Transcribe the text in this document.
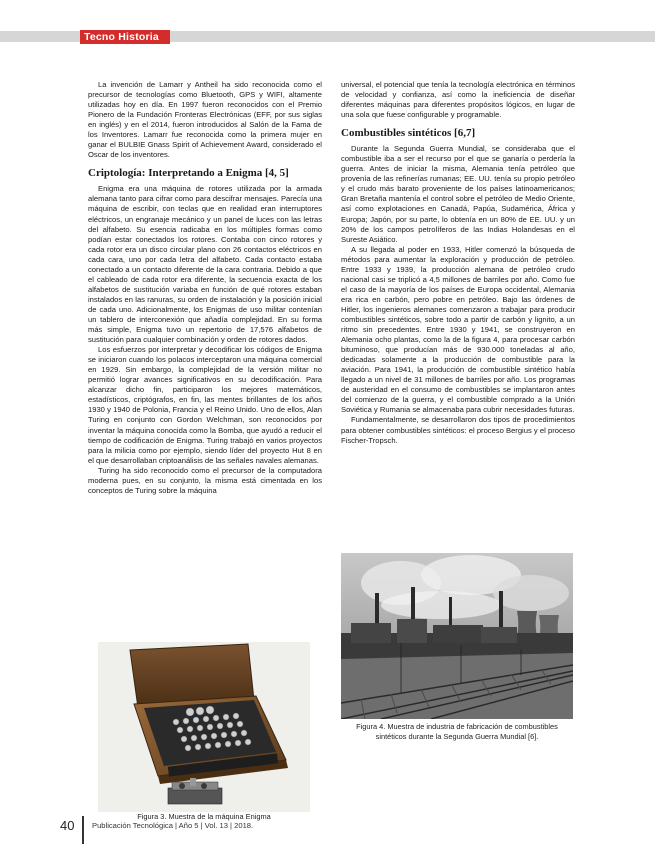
Tecno Historia

La invención de Lamarr y Antheil ha sido reconocida como el precursor de tecnologías como Bluetooth, GPS y WIFI, altamente utilizadas hoy en día. En 1997 fueron reconocidos con el Premio Pionero de la Fundación Fronteras Electrónicas (EFF, por sus siglas en inglés) y en el 2014, fueron introducidos al Salón de la Fama de los Inventores. Lamarr fue reconocida como la primera mujer en ganar el BULBIE Gnass Spirit of Achievement Award, considerado el Oscar de los inventores.

Criptología: Interpretando a Enigma [4, 5]

Enigma era una máquina de rotores utilizada por la armada alemana tanto para cifrar como para descifrar mensajes. Parecía una máquina de escribir, con teclas que en realidad eran interruptores eléctricos, un engranaje mecánico y un panel de luces con las letras del alfabeto. Su esencia radicaba en los múltiples formas como podían estar conectados los rotores. Contaba con cinco rotores y cada rotor era un disco circular plano con 26 contactos eléctricos en cada cara, uno por cada letra del alfabeto. Cada contacto estaba conectado a un contacto diferente de la cara contraria. Debido a que el cableado de cada rotor era diferente, la secuencia exacta de los alfabetos de sustitución variaba en función de qué rotores estaban instalados en las ranuras, su orden de instalación y la posición inicial de cada uno. Adicionalmente, los Enigmas de uso militar contenían un tablero de interconexión que añadía complejidad. En su forma más simple, Enigma tuvo un repertorio de 17,576 alfabetos de sustitución para cualquier combinación y orden de rotores dados.

Los esfuerzos por interpretar y decodificar los códigos de Enigma se iniciaron cuando los polacos interceptaron una máquina comercial en 1929. Sin embargo, la complejidad de la versión militar no permitió lograr avances significativos en su decodificación. Para alcanzar dicho fin, participaron los mejores matemáticos, estadísticos, criptógrafos, en fin, las mentes brillantes de los años 1930 y 1940 de Polonia, Francia y el Reino Unido. Uno de ellos, Alan Turing en conjunto con Gordon Welchman, son reconocidos por inventar la máquina conocida como la Bomba, que ayudó a reducir el tiempo de codificación de Enigma. Turing trabajó en varios proyectos para la milicia como por ejemplo, siendo líder del proyecto Hut 8 en el que desarrollaban criptoanálisis de las señales navales alemanas.

Turing ha sido reconocido como el precursor de la computadora moderna pues, en su conjunto, la misma está cimentada en los conceptos de Turing sobre la máquina

universal, el potencial que tenía la tecnología electrónica en términos de velocidad y confianza, así como la ineficiencia de diseñar diferentes máquinas para diferentes propósitos lógicos, en lugar de una sola que fuese configurable y programable.

Combustibles sintéticos [6,7]

Durante la Segunda Guerra Mundial, se consideraba que el combustible iba a ser el recurso por el que se ganaría o perdería la guerra. Antes de iniciar la misma, Alemania tenía petróleo que provenía de las refinerías rumanas; EE. UU. tenía su propio petróleo y el crudo más barato proveniente de los países latinoamericanos; Gran Bretaña mantenía el control sobre el petróleo de Medio Oriente, así como explotaciones en Canadá, Papúa, Sudamérica, África y Europa; Japón, por su parte, lo obtenía en un 80% de EE. UU. y un 20% de los campos petrolíferos de las Indias Holandesas en el Sureste Asiático.

A su llegada al poder en 1933, Hitler comenzó la búsqueda de métodos para aumentar la exploración y producción de petróleo. Entre 1933 y 1939, la producción alemana de petróleo crudo nacional casi se triplicó a 4,5 millones de barriles por año. Como fue el caso de la mayoría de los países de Europa occidental, Alemania era rica en carbón, pero pobre en petróleo. Bajo las órdenes de Hitler, los ingenieros alemanes comenzaron a trabajar para producir combustibles sintéticos, sobre todo a partir de carbón y lignito, a un ritmo sin precedentes. Entre 1930 y 1941, se construyeron en Alemania ocho plantas, como la de la figura 4, para procesar carbón bituminoso, que producían más de 930.000 toneladas al año, dedicadas solamente a la producción de combustible para la aviación. Para 1941, la producción de combustible sintético había llegado a un nivel de 31 millones de barriles por año. Los programas de austeridad en el consumo de combustibles se implantaron antes del comienzo de la guerra, y el combustible comprado a la Unión Soviética y Rumania se almacenaba para cubrir necesidades futuras.

Fundamentalmente, se desarrollaron dos tipos de procedimientos para obtener combustibles sintéticos: el proceso Bergius y el proceso Fischer-Tropsch.

Figura 3. Muestra de la máquina Enigma
Figura 4. Muestra de industria de fabricación de combustibles sintéticos durante la Segunda Guerra Mundial [6].
40 Publicación Tecnológica | Año 5 | Vol. 13 | 2018.
